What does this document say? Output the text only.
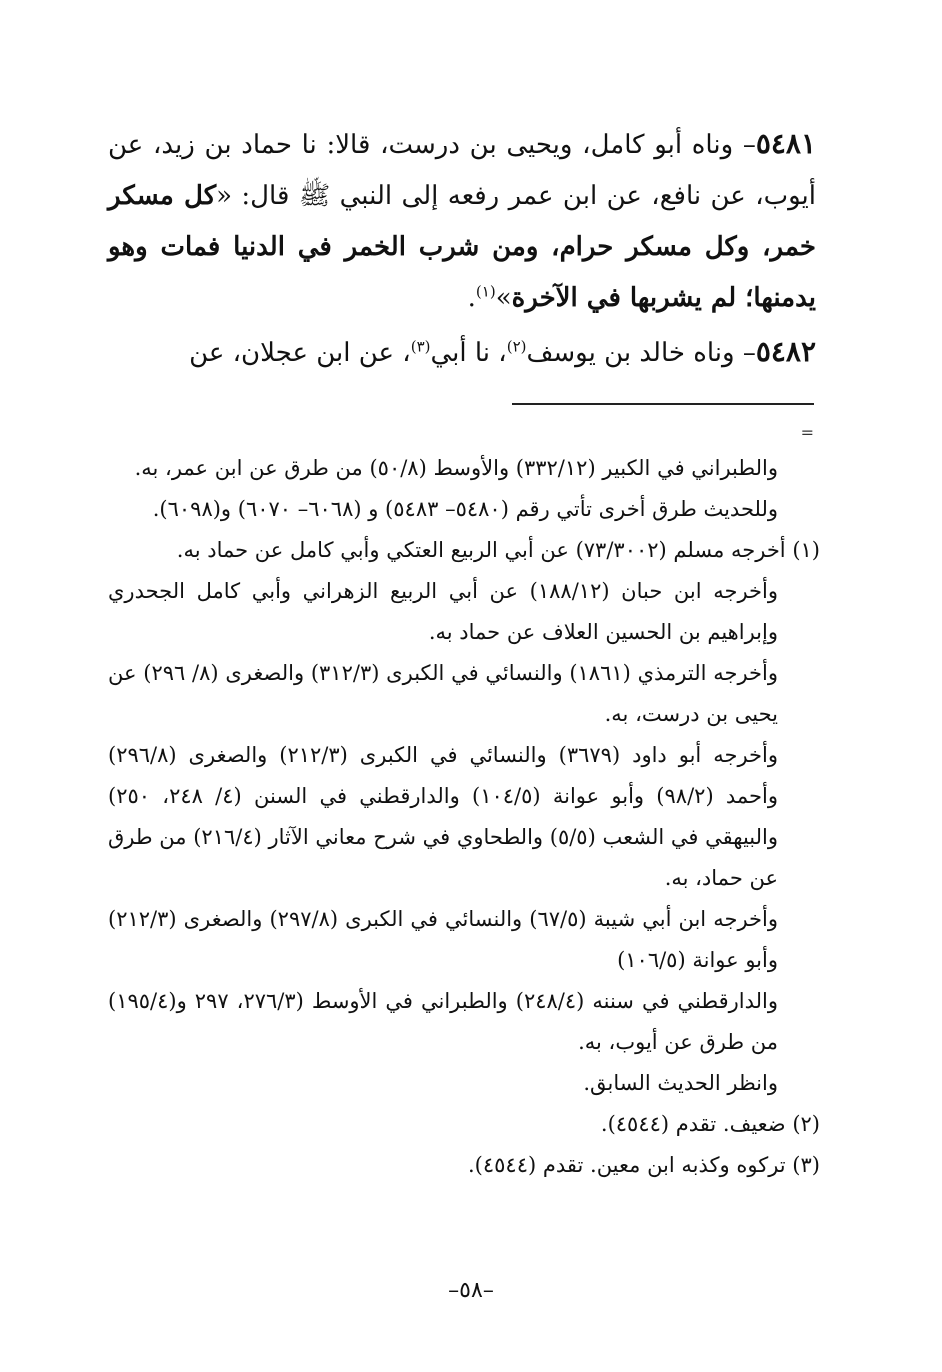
٥٤٨١– وناه أبو كامل، ويحيى بن درست، قالا: نا حماد بن زيد، عن أيوب، عن نافع، عن ابن عمر رفعه إلى النبي ﷺ قال: «كل مسكر خمر، وكل مسكر حرام، ومن شرب الخمر في الدنيا فمات وهو يدمنها؛ لم يشربها في الآخرة»$^{(١)}$.

٥٤٨٢– وناه خالد بن يوسف$^{(٢)}$، نا أبي$^{(٣)}$، عن ابن عجلان، عن

=

والطبراني في الكبير (٣٣٢/١٢) والأوسط (٥٠/٨) من طرق عن ابن عمر، به.

وللحديث طرق أخرى تأتي رقم (٥٤٨٠– ٥٤٨٣) و (٦٠٦٨– ٦٠٧٠) و(٦٠٩٨).

(١) أخرجه مسلم (٧٣/٣٠٠٢) عن أبي الربيع العتكي وأبي كامل عن حماد به.

وأخرجه ابن حبان (١٨٨/١٢) عن أبي الربيع الزهراني وأبي كامل الجحدري وإبراهيم بن الحسين العلاف عن حماد به.

وأخرجه الترمذي (١٨٦١) والنسائي في الكبرى (٣١٢/٣) والصغرى (٨/ ٢٩٦) عن يحيى بن درست، به.

وأخرجه أبو داود (٣٦٧٩) والنسائي في الكبرى (٢١٢/٣) والصغرى (٢٩٦/٨) وأحمد (٩٨/٢) وأبو عوانة (١٠٤/٥) والدارقطني في السنن (٤/ ٢٤٨، ٢٥٠) والبيهقي في الشعب (٥/٥) والطحاوي في شرح معاني الآثار (٢١٦/٤) من طرق عن حماد، به.

وأخرجه ابن أبي شيبة (٦٧/٥) والنسائي في الكبرى (٢٩٧/٨) والصغرى (٢١٢/٣) وأبو عوانة (١٠٦/٥)

والدارقطني في سننه (٢٤٨/٤) والطبراني في الأوسط (٢٧٦/٣، ٢٩٧ و(١٩٥/٤) من طرق عن أيوب، به.

وانظر الحديث السابق.

(٢) ضعيف. تقدم (٤٥٤٤).

(٣) تركوه وكذبه ابن معين. تقدم (٤٥٤٤).

–٥٨–
